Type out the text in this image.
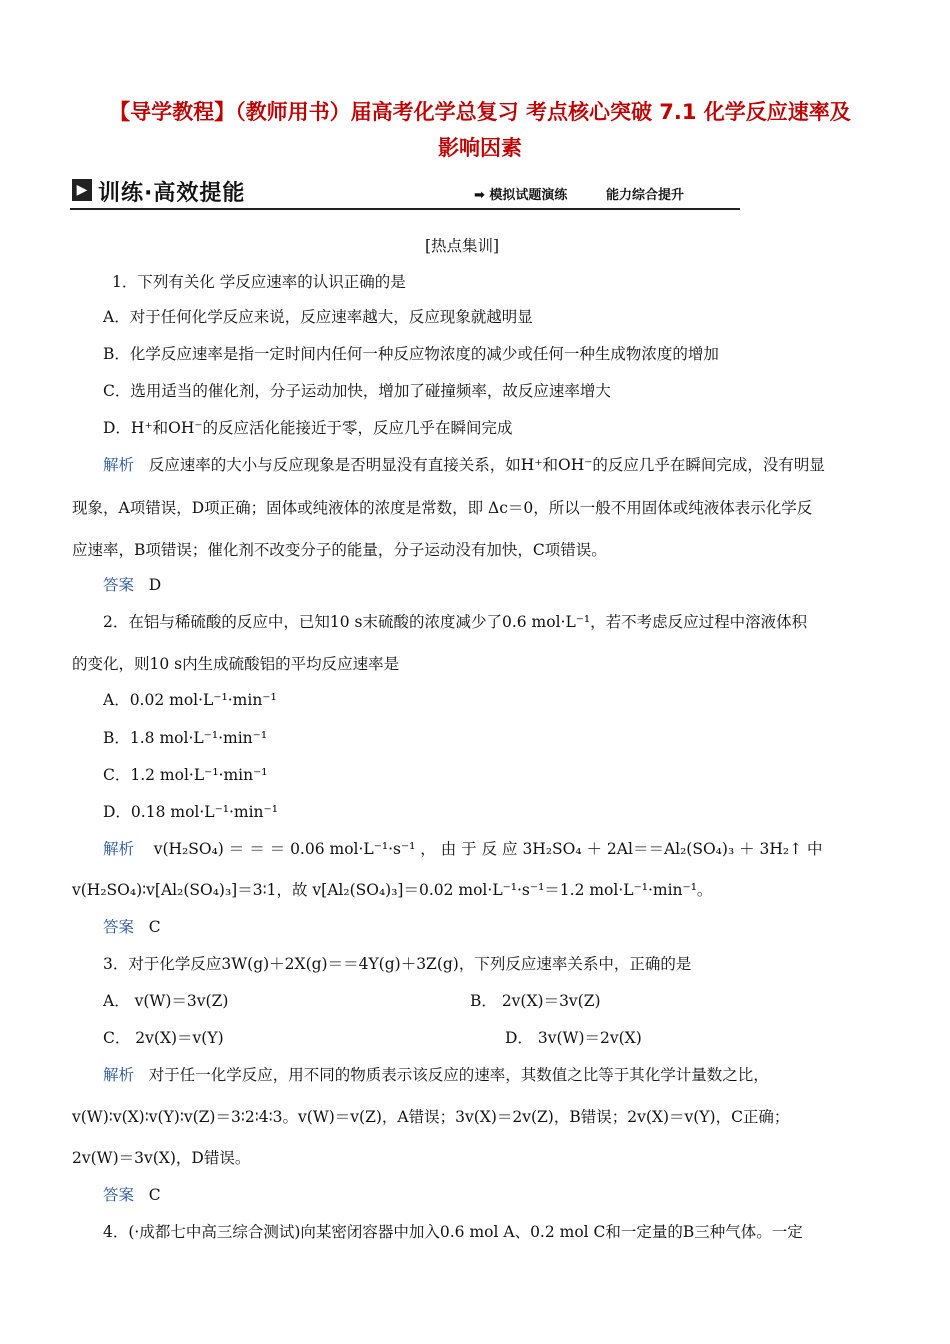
【导学教程】（教师用书）届高考化学总复习 考点核心突破 7.1 化学反应速率及
影响因素
▶ 训练·高效提能	➡ 模拟试题演练	能力综合提升
[热点集训]
1．下列有关化 学反应速率的认识正确的是
A．对于任何化学反应来说，反应速率越大，反应现象就越明显
B．化学反应速率是指一定时间内任何一种反应物浓度的减少或任何一种生成物浓度的增加
C．选用适当的催化剂，分子运动加快，增加了碰撞频率，故反应速率增大
D．H⁺和OH⁻的反应活化能接近于零，反应几乎在瞬间完成
解析 反应速率的大小与反应现象是否明显没有直接关系，如H⁺和OH⁻的反应几乎在瞬间完成，没有明显
现象，A项错误，D项正确；固体或纯液体的浓度是常数，即 Δc＝0，所以一般不用固体或纯液体表示化学反
应速率，B项错误；催化剂不改变分子的能量，分子运动没有加快，C项错误。
答案 D
2．在铝与稀硫酸的反应中，已知10 s末硫酸的浓度减少了0.6 mol·L⁻¹，若不考虑反应过程中溶液体积
的变化，则10 s内生成硫酸铝的平均反应速率是
A．0.02 mol·L⁻¹·min⁻¹
B．1.8 mol·L⁻¹·min⁻¹
C．1.2 mol·L⁻¹·min⁻¹
D．0.18 mol·L⁻¹·min⁻¹
解析 v(H₂SO₄) ＝ ＝ ＝ 0.06 mol·L⁻¹·s⁻¹ ， 由 于 反 应 3H₂SO₄ ＋ 2Al＝＝Al₂(SO₄)₃ ＋ 3H₂↑ 中
v(H₂SO₄)∶v[Al₂(SO₄)₃]＝3∶1，故 v[Al₂(SO₄)₃]＝0.02 mol·L⁻¹·s⁻¹＝1.2 mol·L⁻¹·min⁻¹。
答案 C
3．对于化学反应3W(g)＋2X(g)＝＝4Y(g)＋3Z(g)，下列反应速率关系中，正确的是
A． v(W)＝3v(Z)	B． 2v(X)＝3v(Z)
C． 2v(X)＝v(Y)	D． 3v(W)＝2v(X)
解析 对于任一化学反应，用不同的物质表示该反应的速率，其数值之比等于其化学计量数之比，
v(W)∶v(X)∶v(Y)∶v(Z)＝3∶2∶4∶3。v(W)＝v(Z)，A错误；3v(X)＝2v(Z)，B错误；2v(X)＝v(Y)，C正确；
2v(W)＝3v(X)，D错误。
答案 C
4．(·成都七中高三综合测试)向某密闭容器中加入0.6 mol A、0.2 mol C和一定量的B三种气体。一定
